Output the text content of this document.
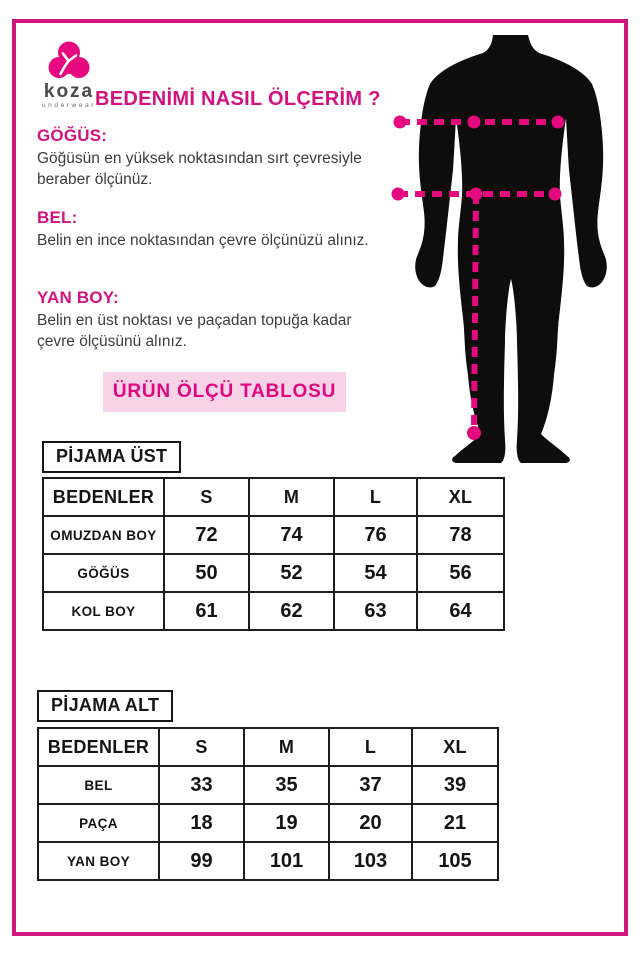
koza
underwear
BEDENİMİ NASIL ÖLÇERİM ?
GÖĞÜS:
Göğüsün en yüksek noktasından sırt çevresiyle beraber ölçünüz.
BEL:
Belin en ince noktasından çevre ölçünüzü alınız.
YAN BOY:
Belin en üst noktası ve paçadan topuğa kadar çevre ölçüsünü alınız.
ÜRÜN ÖLÇÜ TABLOSU
PİJAMA ÜST
BEDENLER	S	M	L	XL
OMUZDAN BOY	72	74	76	78
GÖĞÜS	50	52	54	56
KOL BOY	61	62	63	64
PİJAMA ALT
BEDENLER	S	M	L	XL
BEL	33	35	37	39
PAÇA	18	19	20	21
YAN BOY	99	101	103	105
